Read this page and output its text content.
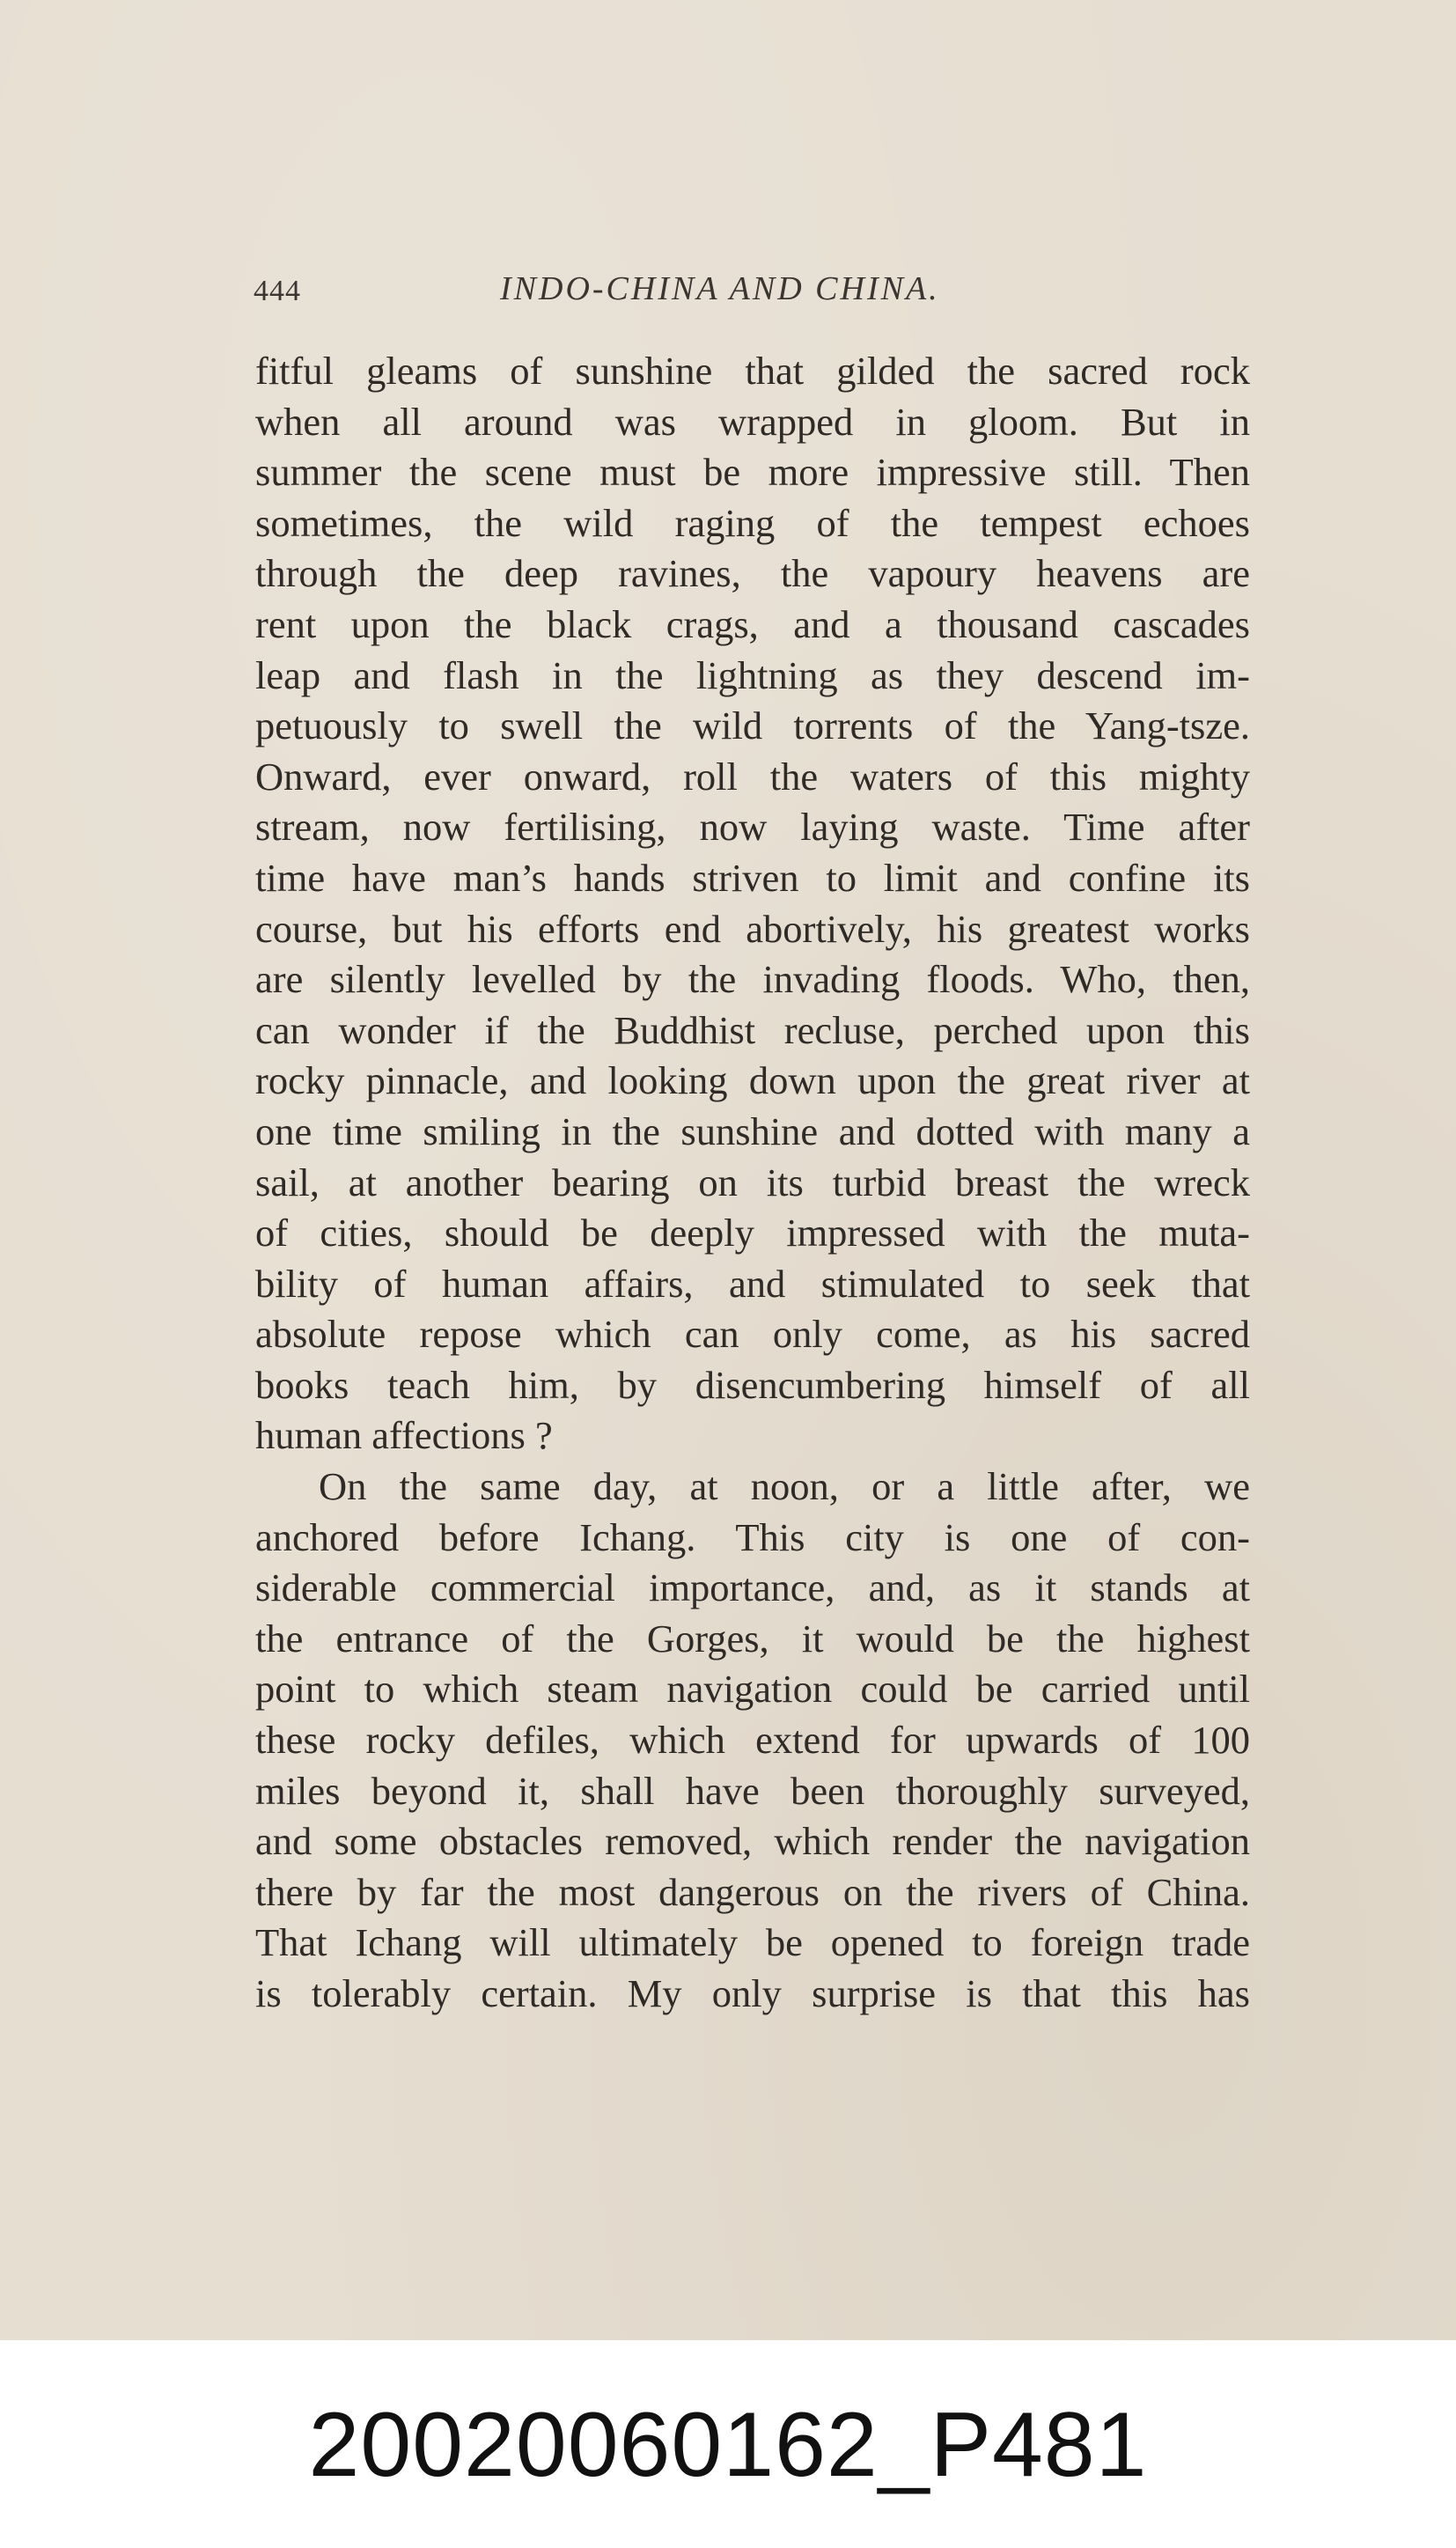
444	INDO-CHINA AND CHINA.
fitful gleams of sunshine that gilded the sacred rock
when all around was wrapped in gloom. But in
summer the scene must be more impressive still. Then
sometimes, the wild raging of the tempest echoes
through the deep ravines, the vapoury heavens are
rent upon the black crags, and a thousand cascades
leap and flash in the lightning as they descend im-
petuously to swell the wild torrents of the Yang-tsze.
Onward, ever onward, roll the waters of this mighty
stream, now fertilising, now laying waste. Time after
time have man’s hands striven to limit and confine its
course, but his efforts end abortively, his greatest works
are silently levelled by the invading floods. Who, then,
can wonder if the Buddhist recluse, perched upon this
rocky pinnacle, and looking down upon the great river at
one time smiling in the sunshine and dotted with many a
sail, at another bearing on its turbid breast the wreck
of cities, should be deeply impressed with the muta-
bility of human affairs, and stimulated to seek that
absolute repose which can only come, as his sacred
books teach him, by disencumbering himself of all
human affections ?
On the same day, at noon, or a little after, we
anchored before Ichang. This city is one of con-
siderable commercial importance, and, as it stands at
the entrance of the Gorges, it would be the highest
point to which steam navigation could be carried until
these rocky defiles, which extend for upwards of 100
miles beyond it, shall have been thoroughly surveyed,
and some obstacles removed, which render the navigation
there by far the most dangerous on the rivers of China.
That Ichang will ultimately be opened to foreign trade
is tolerably certain. My only surprise is that this has
20020060162_P481
